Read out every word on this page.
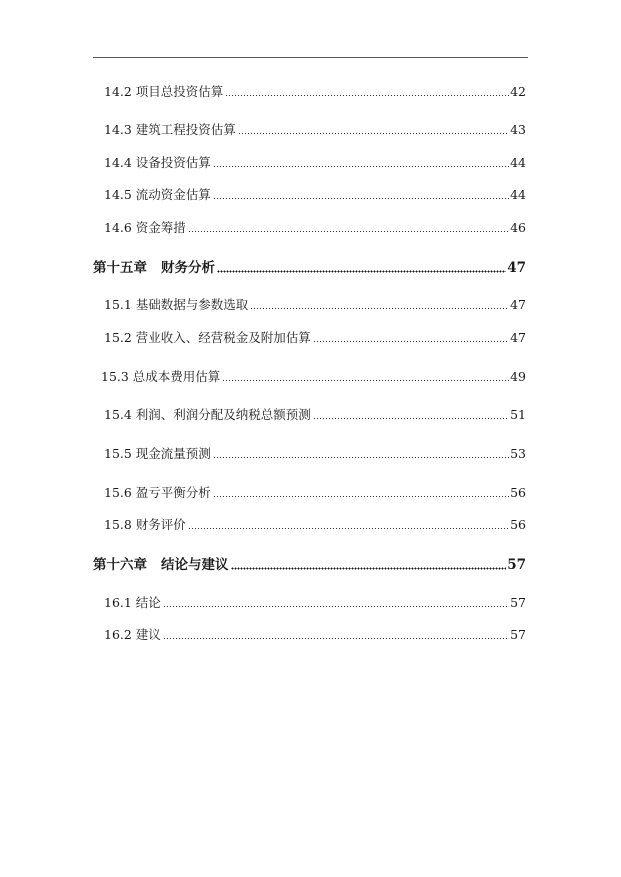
14.2 项目总投资估算	42
14.3 建筑工程投资估算	43
14.4 设备投资估算	44
14.5 流动资金估算	44
14.6 资金筹措	46
第十五章 财务分析	47
15.1 基础数据与参数选取	47
15.2 营业收入、经营税金及附加估算	47
15.3 总成本费用估算	49
15.4 利润、利润分配及纳税总额预测	51
15.5 现金流量预测	53
15.6 盈亏平衡分析	56
15.8 财务评价	56
第十六章 结论与建议	57
16.1 结论	57
16.2 建议	57
